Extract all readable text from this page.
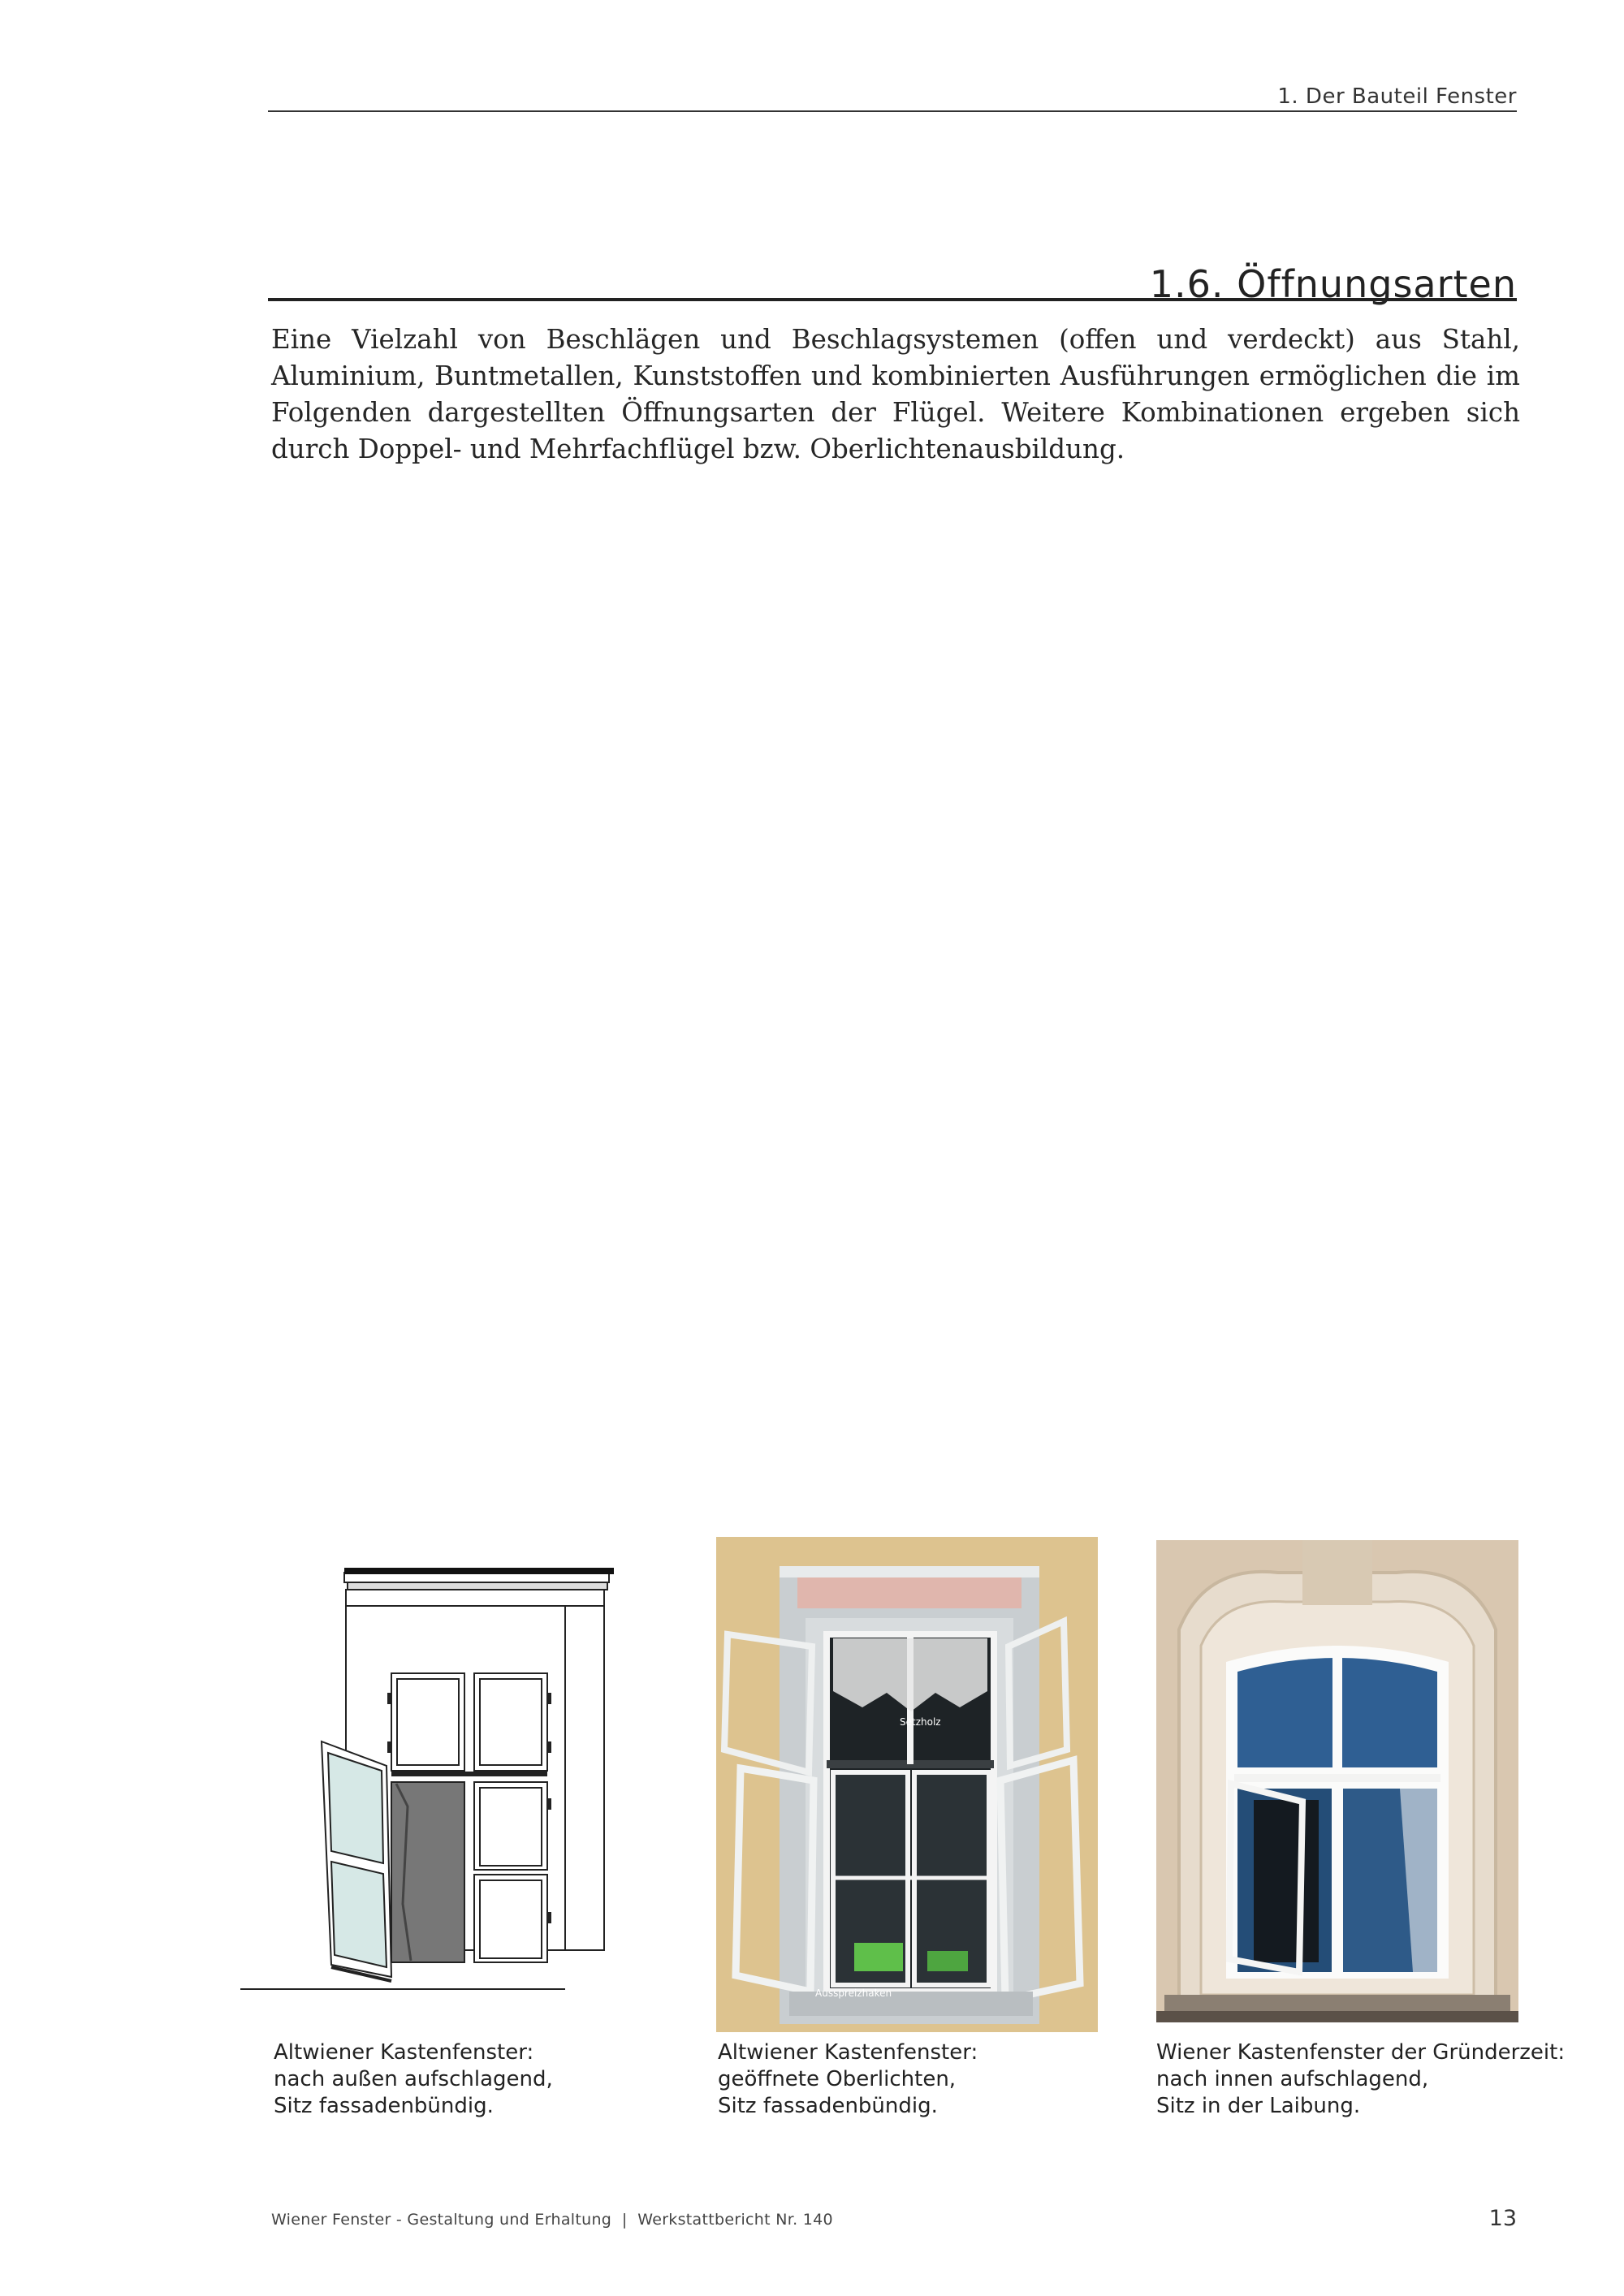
1. Der Bauteil Fenster
1.6. Öffnungsarten

Eine Vielzahl von Beschlägen und Beschlagsystemen (offen und verdeckt) aus Stahl, Aluminium, Buntmetallen, Kunststoffen und kombinierten Ausführungen ermöglichen die im Folgenden dargestellten Öffnungsarten der Flügel. Weitere Kombinationen ergeben sich durch Doppel- und Mehrfachflügel bzw. Oberlichtenausbildung.

Setzholz
Ausspreizhaken
Altwiener Kastenfenster:
nach außen aufschlagend,
Sitz fassadenbündig.
Altwiener Kastenfenster:
geöffnete Oberlichten,
Sitz fassadenbündig.
Wiener Kastenfenster der Gründerzeit:
nach innen aufschlagend,
Sitz in der Laibung.
Wiener Fenster - Gestaltung und Erhaltung  |  Werkstattbericht Nr. 140	13
